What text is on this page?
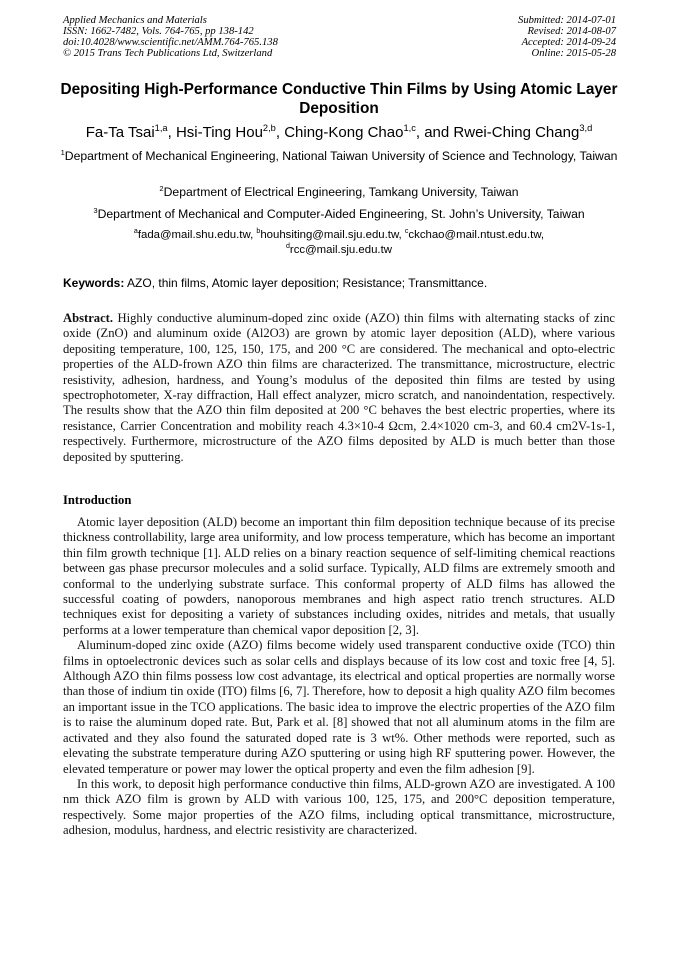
Applied Mechanics and Materials
ISSN: 1662-7482, Vols. 764-765, pp 138-142
doi:10.4028/www.scientific.net/AMM.764-765.138
© 2015 Trans Tech Publications Ltd, Switzerland
Submitted: 2014-07-01
Revised: 2014-08-07
Accepted: 2014-09-24
Online: 2015-05-28
Depositing High-Performance Conductive Thin Films by Using Atomic Layer Deposition
Fa-Ta Tsai$^{1,a}$, Hsi-Ting Hou$^{2,b}$, Ching-Kong Chao$^{1,c}$, and Rwei-Ching Chang$^{3,d}$
$^1$Department of Mechanical Engineering, National Taiwan University of Science and Technology, Taiwan
$^2$Department of Electrical Engineering, Tamkang University, Taiwan
$^3$Department of Mechanical and Computer-Aided Engineering, St. John’s University, Taiwan
$^a$fada@mail.shu.edu.tw, $^b$houhsiting@mail.sju.edu.tw, $^c$ckchao@mail.ntust.edu.tw,
$^d$rcc@mail.sju.edu.tw
Keywords: AZO, thin films, Atomic layer deposition; Resistance; Transmittance.
Abstract. Highly conductive aluminum-doped zinc oxide (AZO) thin films with alternating stacks of zinc oxide (ZnO) and aluminum oxide (Al2O3) are grown by atomic layer deposition (ALD), where various depositing temperature, 100, 125, 150, 175, and 200 °C are considered. The mechanical and opto-electric properties of the ALD-frown AZO thin films are characterized. The transmittance, microstructure, electric resistivity, adhesion, hardness, and Young’s modulus of the deposited thin films are tested by using spectrophotometer, X-ray diffraction, Hall effect analyzer, micro scratch, and nanoindentation, respectively. The results show that the AZO thin film deposited at 200 °C behaves the best electric properties, where its resistance, Carrier Concentration and mobility reach 4.3×10-4 Ωcm, 2.4×1020 cm-3, and 60.4 cm2V-1s-1, respectively. Furthermore, microstructure of the AZO films deposited by ALD is much better than those deposited by sputtering.
Introduction

Atomic layer deposition (ALD) become an important thin film deposition technique because of its precise thickness controllability, large area uniformity, and low process temperature, which has become an important thin film growth technique [1]. ALD relies on a binary reaction sequence of self-limiting chemical reactions between gas phase precursor molecules and a solid surface. Typically, ALD films are extremely smooth and conformal to the underlying substrate surface. This conformal property of ALD films has allowed the successful coating of powders, nanoporous membranes and high aspect ratio trench structures. ALD techniques exist for depositing a variety of substances including oxides, nitrides and metals, that usually performs at a lower temperature than chemical vapor deposition [2, 3].

Aluminum-doped zinc oxide (AZO) films become widely used transparent conductive oxide (TCO) thin films in optoelectronic devices such as solar cells and displays because of its low cost and toxic free [4, 5]. Although AZO thin films possess low cost advantage, its electrical and optical properties are normally worse than those of indium tin oxide (ITO) films [6, 7]. Therefore, how to deposit a high quality AZO film becomes an important issue in the TCO applications. The basic idea to improve the electric properties of the AZO film is to raise the aluminum doped rate. But, Park et al. [8] showed that not all aluminum atoms in the film are activated and they also found the saturated doped rate is 3 wt%. Other methods were reported, such as elevating the substrate temperature during AZO sputtering or using high RF sputtering power. However, the elevated temperature or power may lower the optical property and even the film adhesion [9].

In this work, to deposit high performance conductive thin films, ALD-grown AZO are investigated. A 100 nm thick AZO film is grown by ALD with various 100, 125, 175, and 200°C deposition temperature, respectively. Some major properties of the AZO films, including optical transmittance, microstructure, adhesion, modulus, hardness, and electric resistivity are characterized.
